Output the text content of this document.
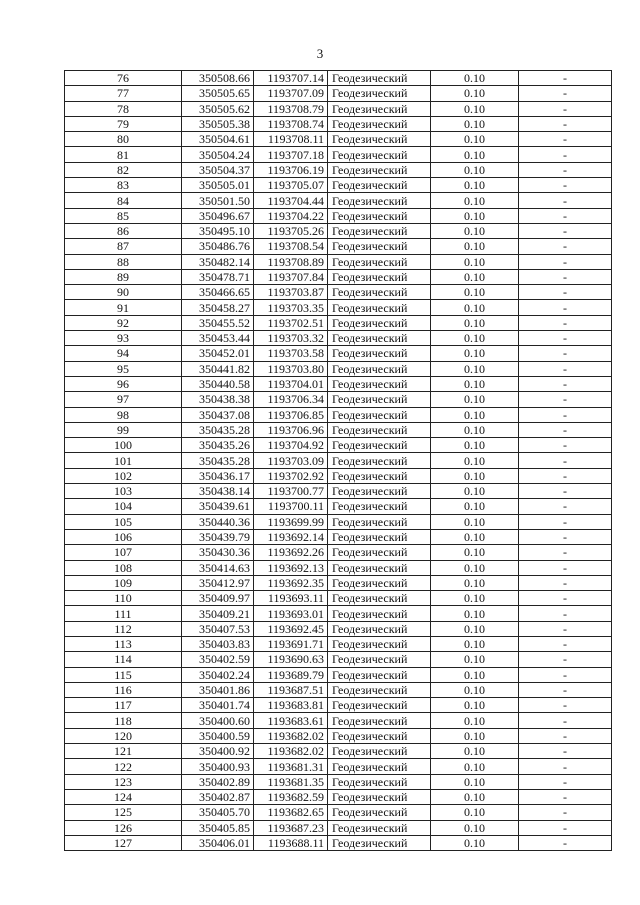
3
76	350508.66	1193707.14	Геодезический	0.10	-
77	350505.65	1193707.09	Геодезический	0.10	-
78	350505.62	1193708.79	Геодезический	0.10	-
79	350505.38	1193708.74	Геодезический	0.10	-
80	350504.61	1193708.11	Геодезический	0.10	-
81	350504.24	1193707.18	Геодезический	0.10	-
82	350504.37	1193706.19	Геодезический	0.10	-
83	350505.01	1193705.07	Геодезический	0.10	-
84	350501.50	1193704.44	Геодезический	0.10	-
85	350496.67	1193704.22	Геодезический	0.10	-
86	350495.10	1193705.26	Геодезический	0.10	-
87	350486.76	1193708.54	Геодезический	0.10	-
88	350482.14	1193708.89	Геодезический	0.10	-
89	350478.71	1193707.84	Геодезический	0.10	-
90	350466.65	1193703.87	Геодезический	0.10	-
91	350458.27	1193703.35	Геодезический	0.10	-
92	350455.52	1193702.51	Геодезический	0.10	-
93	350453.44	1193703.32	Геодезический	0.10	-
94	350452.01	1193703.58	Геодезический	0.10	-
95	350441.82	1193703.80	Геодезический	0.10	-
96	350440.58	1193704.01	Геодезический	0.10	-
97	350438.38	1193706.34	Геодезический	0.10	-
98	350437.08	1193706.85	Геодезический	0.10	-
99	350435.28	1193706.96	Геодезический	0.10	-
100	350435.26	1193704.92	Геодезический	0.10	-
101	350435.28	1193703.09	Геодезический	0.10	-
102	350436.17	1193702.92	Геодезический	0.10	-
103	350438.14	1193700.77	Геодезический	0.10	-
104	350439.61	1193700.11	Геодезический	0.10	-
105	350440.36	1193699.99	Геодезический	0.10	-
106	350439.79	1193692.14	Геодезический	0.10	-
107	350430.36	1193692.26	Геодезический	0.10	-
108	350414.63	1193692.13	Геодезический	0.10	-
109	350412.97	1193692.35	Геодезический	0.10	-
110	350409.97	1193693.11	Геодезический	0.10	-
111	350409.21	1193693.01	Геодезический	0.10	-
112	350407.53	1193692.45	Геодезический	0.10	-
113	350403.83	1193691.71	Геодезический	0.10	-
114	350402.59	1193690.63	Геодезический	0.10	-
115	350402.24	1193689.79	Геодезический	0.10	-
116	350401.86	1193687.51	Геодезический	0.10	-
117	350401.74	1193683.81	Геодезический	0.10	-
118	350400.60	1193683.61	Геодезический	0.10	-
120	350400.59	1193682.02	Геодезический	0.10	-
121	350400.92	1193682.02	Геодезический	0.10	-
122	350400.93	1193681.31	Геодезический	0.10	-
123	350402.89	1193681.35	Геодезический	0.10	-
124	350402.87	1193682.59	Геодезический	0.10	-
125	350405.70	1193682.65	Геодезический	0.10	-
126	350405.85	1193687.23	Геодезический	0.10	-
127	350406.01	1193688.11	Геодезический	0.10	-
